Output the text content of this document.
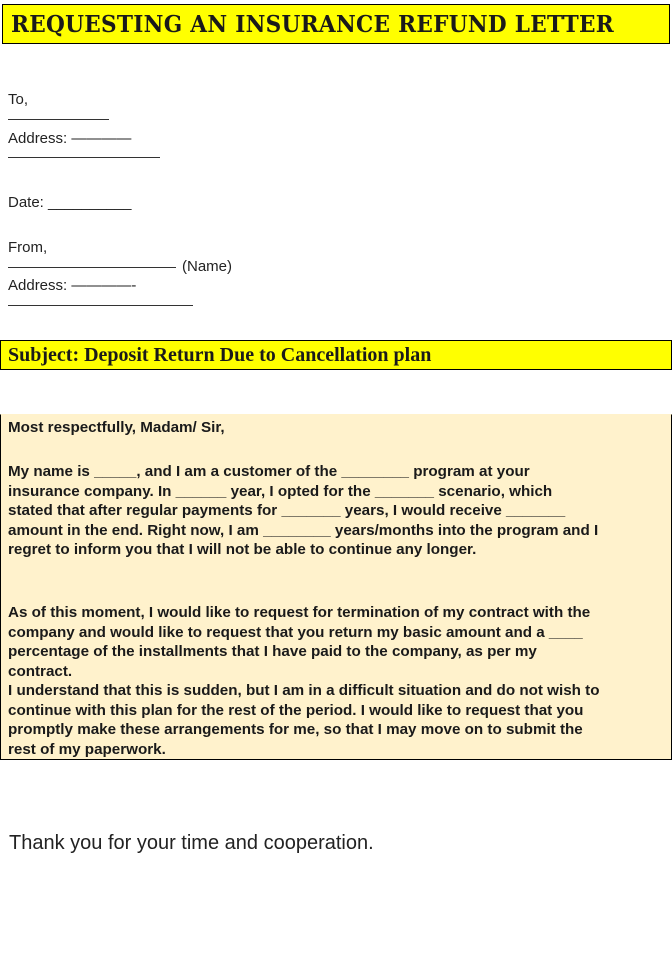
REQUESTING AN INSURANCE REFUND LETTER
To,
Address: ————
Date: __________
From,
(Name)
Address: ————-
Subject: Deposit Return Due to Cancellation plan

Most respectfully, Madam/ Sir,

My name is _____, and I am a customer of the ________ program at your
insurance company. In ______ year, I opted for the _______ scenario, which
stated that after regular payments for _______ years, I would receive _______
amount in the end. Right now, I am ________ years/months into the program and I
regret to inform you that I will not be able to continue any longer.

As of this moment, I would like to request for termination of my contract with the
company and would like to request that you return my basic amount and a ____
percentage of the installments that I have paid to the company, as per my
contract.
I understand that this is sudden, but I am in a difficult situation and do not wish to
continue with this plan for the rest of the period. I would like to request that you
promptly make these arrangements for me, so that I may move on to submit the
rest of my paperwork.

Thank you for your time and cooperation.
